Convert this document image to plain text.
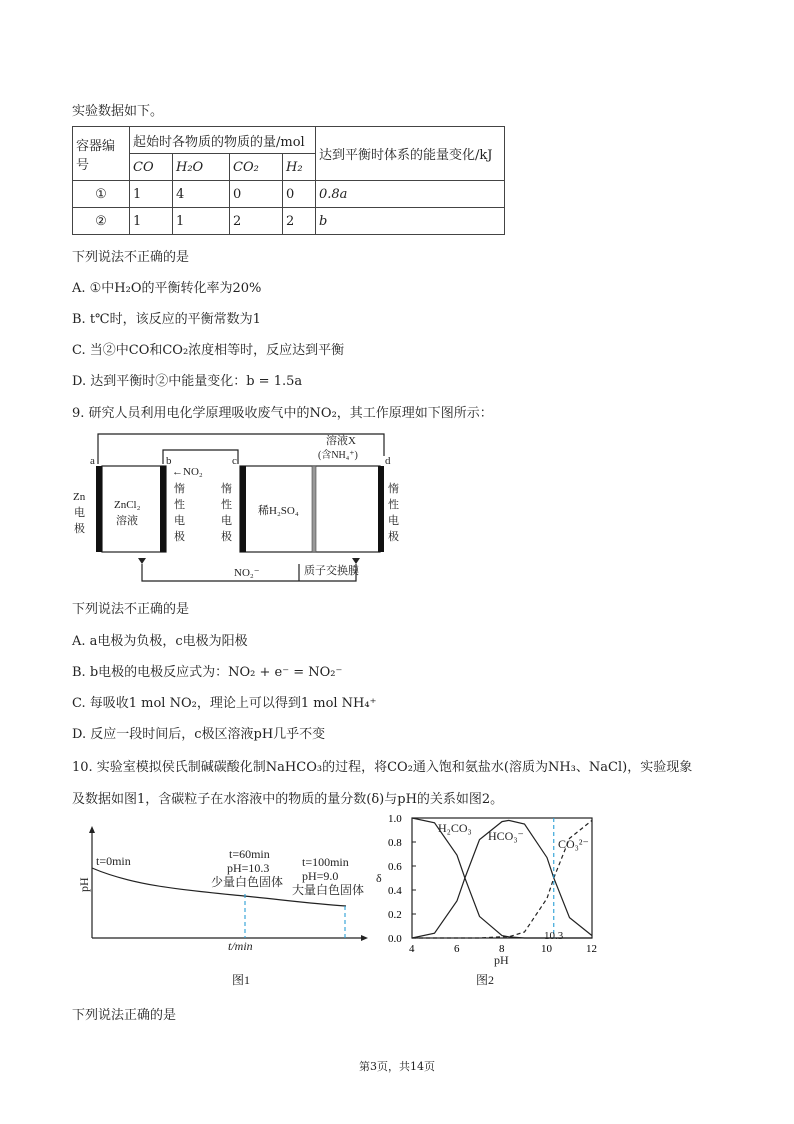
实验数据如下。
容器编号	起始时各物质的物质的量/mol				达到平衡时体系的能量变化/kJ
	CO	H₂O	CO₂	H₂	
①	1	4	0	0	0.8a
②	1	1	2	2	b
下列说法不正确的是
A. ①中H₂O的平衡转化率为20%
B. t℃时，该反应的平衡常数为1
C. 当②中CO和CO₂浓度相等时，反应达到平衡
D. 达到平衡时②中能量变化：b = 1.5a
9. 研究人员利用电化学原理吸收废气中的NO₂，其工作原理如下图所示：
a	b	c	d
←NO₂
溶液X
(含NH₄⁺)
Zn
电
极
ZnCl₂
溶液
惰
性
电
极
惰
性
电
极
惰
性
电
极
稀H₂SO₄
NO₂⁻	质子交换膜
下列说法不正确的是
A. a电极为负极，c电极为阳极
B. b电极的电极反应式为：NO₂ + e⁻ = NO₂⁻
C. 每吸收1 mol NO₂，理论上可以得到1 mol NH₄⁺
D. 反应一段时间后，c极区溶液pH几乎不变
10. 实验室模拟侯氏制碱碳酸化制NaHCO₃的过程，将CO₂通入饱和氨盐水(溶质为NH₃、NaCl)，实验现象
及数据如图1，含碳粒子在水溶液中的物质的量分数(δ)与pH的关系如图2。
pH
t/min
t=0min	t=60min
pH=10.3
少量白色固体
t=100min
pH=9.0
大量白色固体
图1
0.0
0.2
0.4
0.6
0.8
1.0
4	6	8	10	12
δ
pH
H₂CO₃
HCO₃⁻
CO₃²⁻
10.3
图2
下列说法正确的是
第3页，共14页
